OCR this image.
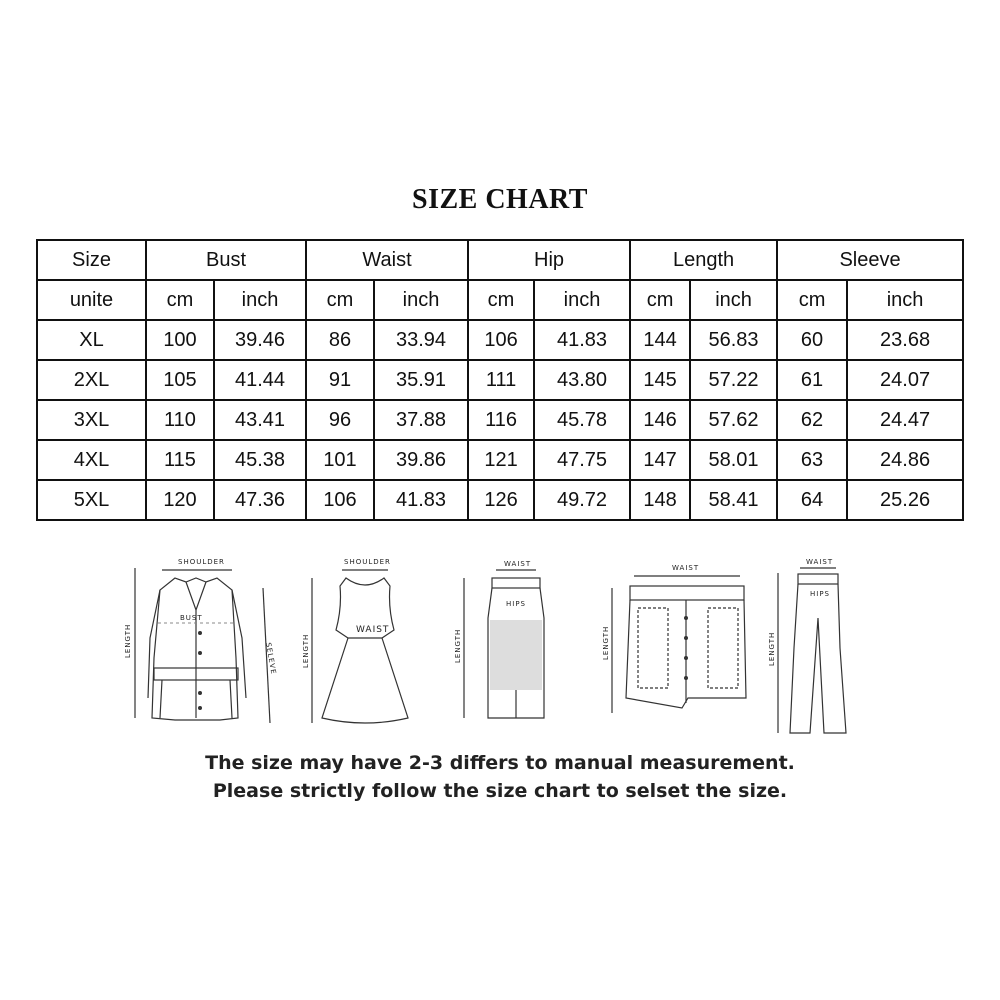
SIZE CHART
Size	Bust		Waist		Hip		Length		Sleeve	
unite	cm	inch	cm	inch	cm	inch	cm	inch	cm	inch
XL	100	39.46	86	33.94	106	41.83	144	56.83	60	23.68
2XL	105	41.44	91	35.91	111	43.80	145	57.22	61	24.07
3XL	110	43.41	96	37.88	116	45.78	146	57.62	62	24.47
4XL	115	45.38	101	39.86	121	47.75	147	58.01	63	24.86
5XL	120	47.36	106	41.83	126	49.72	148	58.41	64	25.26
SHOULDER
BUST
LENGTH
SELEVE
SHOULDER
WAIST
LENGTH
WAIST
HIPS
LENGTH
WAIST
LENGTH
WAIST
HIPS
LENGTH
The size may have 2-3 differs to manual measurement.
Please strictly follow the size chart to selset the size.
